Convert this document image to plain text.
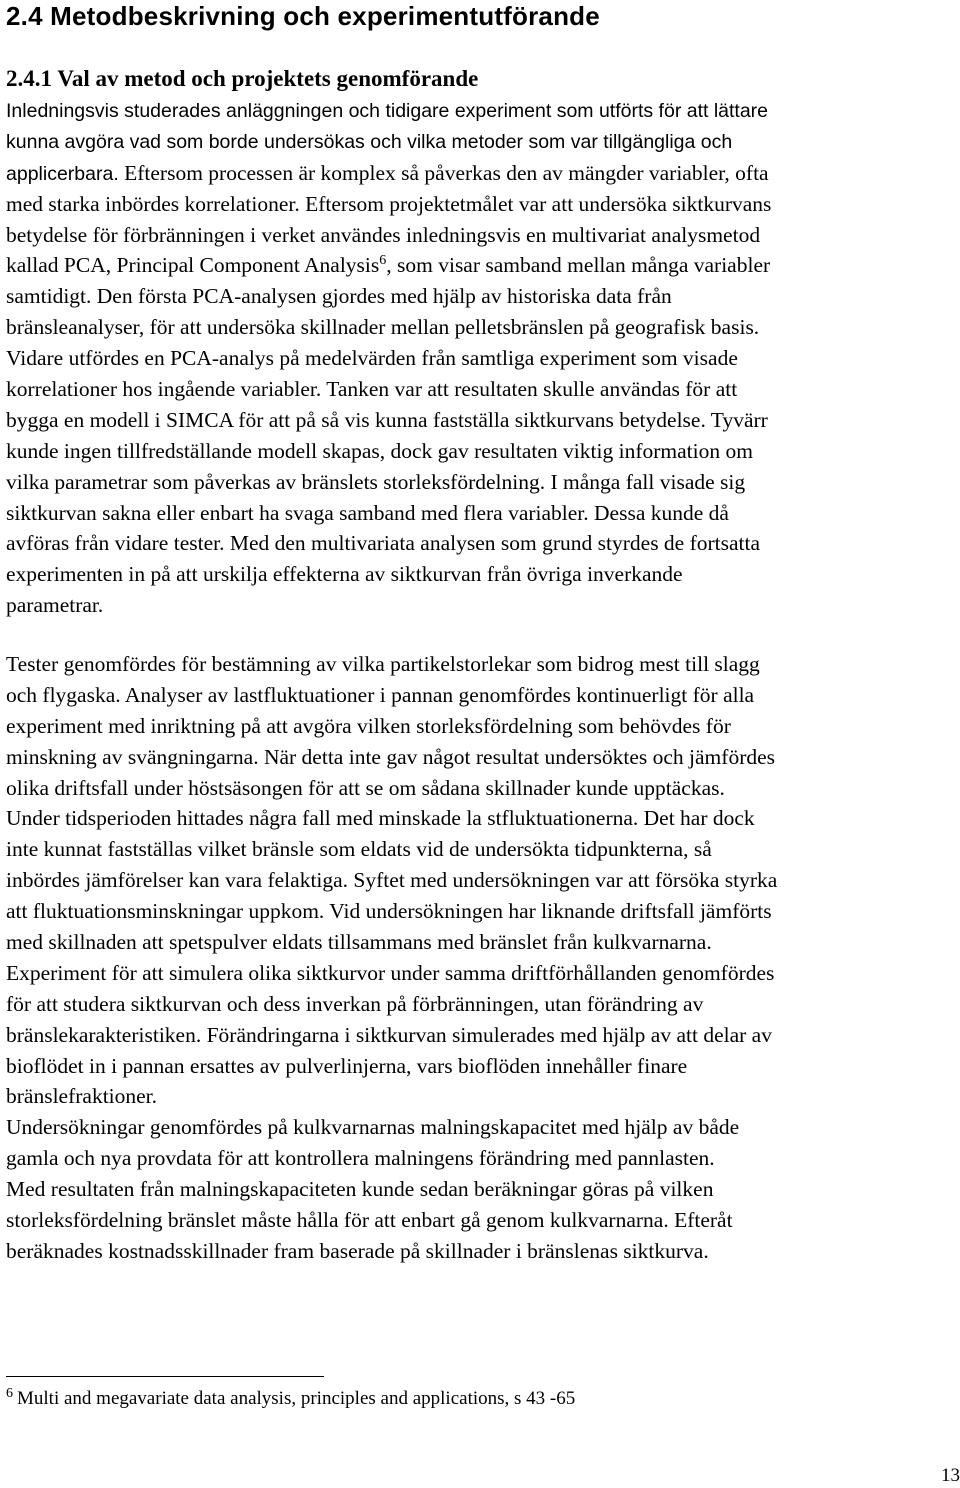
2.4 Metodbeskrivning och experimentutförande
2.4.1 Val av metod och projektets genomförande
Inledningsvis studerades anläggningen och tidigare experiment som utförts för att lättare
kunna avgöra vad som borde undersökas och vilka metoder som var tillgängliga och
applicerbara. Eftersom processen är komplex så påverkas den av mängder variabler, ofta
med starka inbördes korrelationer. Eftersom projektetmålet var att undersöka siktkurvans
betydelse för förbränningen i verket användes inledningsvis en multivariat analysmetod
kallad PCA, Principal Component Analysis$^6$, som visar samband mellan många variabler
samtidigt. Den första PCA-analysen gjordes med hjälp av historiska data från
bränsleanalyser, för att undersöka skillnader mellan pelletsbränslen på geografisk basis.
Vidare utfördes en PCA-analys på medelvärden från samtliga experiment som visade
korrelationer hos ingående variabler. Tanken var att resultaten skulle användas för att
bygga en modell i SIMCA för att på så vis kunna fastställa siktkurvans betydelse. Tyvärr
kunde ingen tillfredställande modell skapas, dock gav resultaten viktig information om
vilka parametrar som påverkas av bränslets storleksfördelning. I många fall visade sig
siktkurvan sakna eller enbart ha svaga samband med flera variabler. Dessa kunde då
avföras från vidare tester. Med den multivariata analysen som grund styrdes de fortsatta
experimenten in på att urskilja effekterna av siktkurvan från övriga inverkande
parametrar.
Tester genomfördes för bestämning av vilka partikelstorlekar som bidrog mest till slagg
och flygaska. Analyser av lastfluktuationer i pannan genomfördes kontinuerligt för alla
experiment med inriktning på att avgöra vilken storleksfördelning som behövdes för
minskning av svängningarna. När detta inte gav något resultat undersöktes och jämfördes
olika driftsfall under höstsäsongen för att se om sådana skillnader kunde upptäckas.
Under tidsperioden hittades några fall med minskade la stfluktuationerna. Det har dock
inte kunnat fastställas vilket bränsle som eldats vid de undersökta tidpunkterna, så
inbördes jämförelser kan vara felaktiga. Syftet med undersökningen var att försöka styrka
att fluktuationsminskningar uppkom. Vid undersökningen har liknande driftsfall jämförts
med skillnaden att spetspulver eldats tillsammans med bränslet från kulkvarnarna.
Experiment för att simulera olika siktkurvor under samma driftförhållanden genomfördes
för att studera siktkurvan och dess inverkan på förbränningen, utan förändring av
bränslekarakteristiken. Förändringarna i siktkurvan simulerades med hjälp av att delar av
bioflödet in i pannan ersattes av pulverlinjerna, vars bioflöden innehåller finare
bränslefraktioner.
Undersökningar genomfördes på kulkvarnarnas malningskapacitet med hjälp av både
gamla och nya provdata för att kontrollera malningens förändring med pannlasten.
Med resultaten från malningskapaciteten kunde sedan beräkningar göras på vilken
storleksfördelning bränslet måste hålla för att enbart gå genom kulkvarnarna. Efteråt
beräknades kostnadsskillnader fram baserade på skillnader i bränslenas siktkurva.

$^6$ Multi and megavariate data analysis, principles and applications, s 43 -65

13
